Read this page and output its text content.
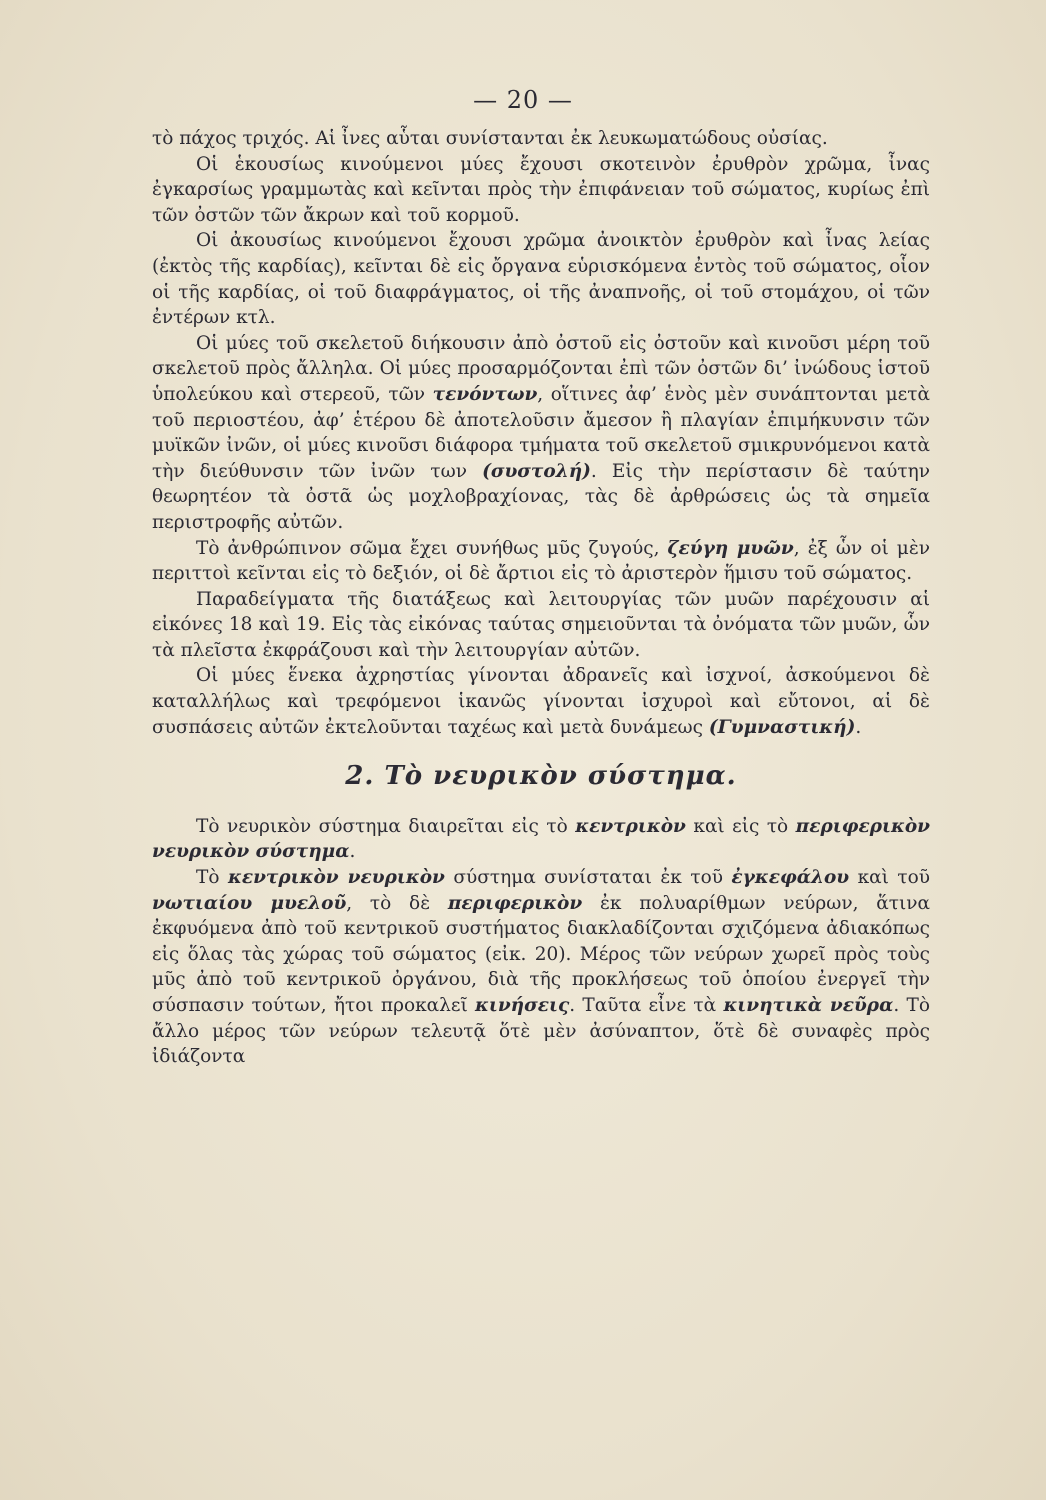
— 20 —

τὸ πάχος τριχός. Αἱ ἶνες αὗται συνίστανται ἐκ λευκωματώδους οὐσίας.

Οἱ ἑκουσίως κινούμενοι μύες ἔχουσι σκοτεινὸν ἐρυθρὸν χρῶμα, ἶνας ἐγκαρσίως γραμμωτὰς καὶ κεῖνται πρὸς τὴν ἐπιφάνειαν τοῦ σώματος, κυρίως ἐπὶ τῶν ὀστῶν τῶν ἄκρων καὶ τοῦ κορμοῦ.

Οἱ ἀκουσίως κινούμενοι ἔχουσι χρῶμα ἀνοικτὸν ἐρυθρὸν καὶ ἶνας λείας (ἐκτὸς τῆς καρδίας), κεῖνται δὲ εἰς ὄργανα εὑρισκόμενα ἐντὸς τοῦ σώματος, οἷον οἱ τῆς καρδίας, οἱ τοῦ διαφράγματος, οἱ τῆς ἀναπνοῆς, οἱ τοῦ στομάχου, οἱ τῶν ἐντέρων κτλ.

Οἱ μύες τοῦ σκελετοῦ διήκουσιν ἀπὸ ὀστοῦ εἰς ὀστοῦν καὶ κινοῦσι μέρη τοῦ σκελετοῦ πρὸς ἄλληλα. Οἱ μύες προσαρμόζονται ἐπὶ τῶν ὀστῶν δι’ ἰνώδους ἱστοῦ ὑπολεύκου καὶ στερεοῦ, τῶν τενόντων, οἵτινες ἀφ’ ἑνὸς μὲν συνάπτονται μετὰ τοῦ περιοστέου, ἀφ’ ἑτέρου δὲ ἀποτελοῦσιν ἄμεσον ἢ πλαγίαν ἐπιμήκυνσιν τῶν μυϊκῶν ἰνῶν, οἱ μύες κινοῦσι διάφορα τμήματα τοῦ σκελετοῦ σμικρυνόμενοι κατὰ τὴν διεύθυνσιν τῶν ἰνῶν των (συστολή). Εἰς τὴν περίστασιν δὲ ταύτην θεωρητέον τὰ ὀστᾶ ὡς μοχλοβραχίονας, τὰς δὲ ἀρθρώσεις ὡς τὰ σημεῖα περιστροφῆς αὐτῶν.

Τὸ ἀνθρώπινον σῶμα ἔχει συνήθως μῦς ζυγούς, ζεύγη μυῶν, ἐξ ὧν οἱ μὲν περιττοὶ κεῖνται εἰς τὸ δεξιόν, οἱ δὲ ἄρτιοι εἰς τὸ ἀριστερὸν ἥμισυ τοῦ σώματος.

Παραδείγματα τῆς διατάξεως καὶ λειτουργίας τῶν μυῶν παρέχουσιν αἱ εἰκόνες 18 καὶ 19. Εἰς τὰς εἰκόνας ταύτας σημειοῦνται τὰ ὀνόματα τῶν μυῶν, ὧν τὰ πλεῖστα ἐκφράζουσι καὶ τὴν λειτουργίαν αὐτῶν.

Οἱ μύες ἕνεκα ἀχρηστίας γίνονται ἀδρανεῖς καὶ ἰσχνοί, ἀσκούμενοι δὲ καταλλήλως καὶ τρεφόμενοι ἱκανῶς γίνονται ἰσχυροὶ καὶ εὔτονοι, αἱ δὲ συσπάσεις αὐτῶν ἐκτελοῦνται ταχέως καὶ μετὰ δυνάμεως (Γυμναστική).

2. Τὸ νευρικὸν σύστημα.

Τὸ νευρικὸν σύστημα διαιρεῖται εἰς τὸ κεντρικὸν καὶ εἰς τὸ περιφερικὸν νευρικὸν σύστημα.

Τὸ κεντρικὸν νευρικὸν σύστημα συνίσταται ἐκ τοῦ ἐγκεφάλου καὶ τοῦ νωτιαίου μυελοῦ, τὸ δὲ περιφερικὸν ἐκ πολυαρίθμων νεύρων, ἅτινα ἐκφυόμενα ἀπὸ τοῦ κεντρικοῦ συστήματος διακλαδίζονται σχιζόμενα ἀδιακόπως εἰς ὅλας τὰς χώρας τοῦ σώματος (εἰκ. 20). Μέρος τῶν νεύρων χωρεῖ πρὸς τοὺς μῦς ἀπὸ τοῦ κεντρικοῦ ὀργάνου, διὰ τῆς προκλήσεως τοῦ ὁποίου ἐνεργεῖ τὴν σύσπασιν τούτων, ἤτοι προκαλεῖ κινήσεις. Ταῦτα εἶνε τὰ κινητικὰ νεῦρα. Τὸ ἄλλο μέρος τῶν νεύρων τελευτᾷ ὅτὲ μὲν ἀσύναπτον, ὅτὲ δὲ συναφὲς πρὸς ἰδιάζοντα
